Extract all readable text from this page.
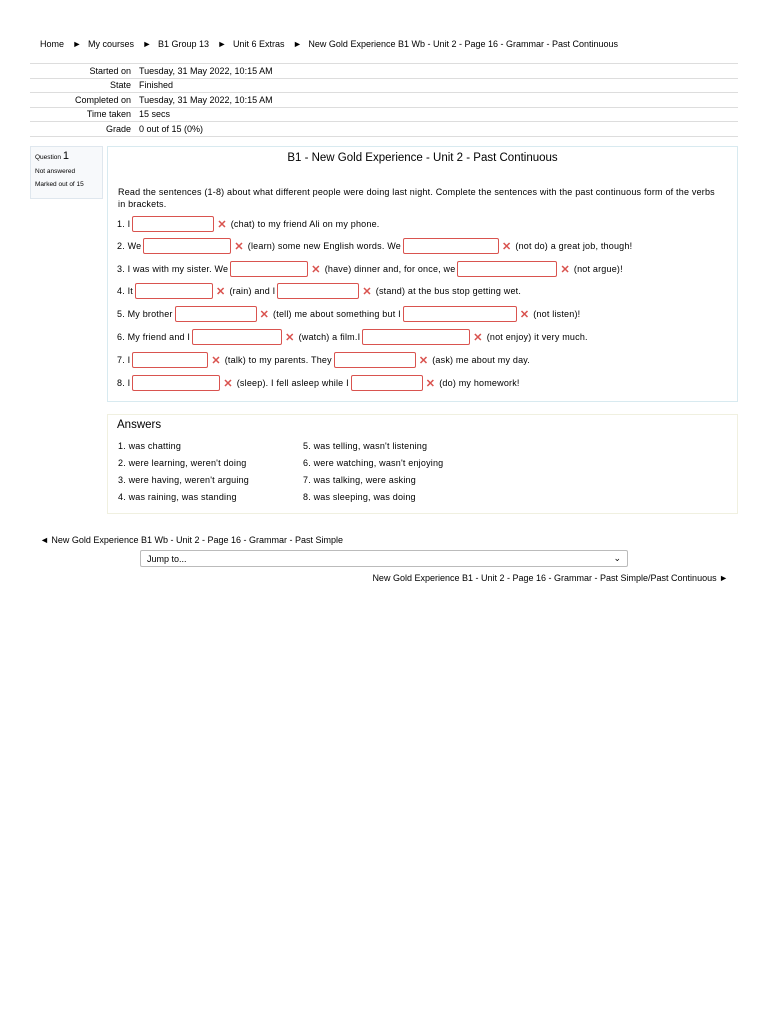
Home ► My courses ► B1 Group 13 ► Unit 6 Extras ► New Gold Experience B1 Wb - Unit 2 - Page 16 - Grammar - Past Continuous
Started on Tuesday, 31 May 2022, 10:15 AM
State Finished
Completed on Tuesday, 31 May 2022, 10:15 AM
Time taken 15 secs
Grade 0 out of 15 (0%)
Question 1
Not answered
Marked out of 15
B1 - New Gold Experience - Unit 2 - Past Continuous
Read the sentences (1-8) about what different people were doing last night. Complete the sentences with the past continuous form of the verbs in brackets.
1. I	✕ (chat) to my friend Ali on my phone.
2. We	✕ (learn) some new English words. We	✕ (not do) a great job, though!
3. I was with my sister. We	✕ (have) dinner and, for once, we	✕ (not argue)!
4. It	✕ (rain) and I	✕ (stand) at the bus stop getting wet.
5. My brother	✕ (tell) me about something but I	✕ (not listen)!
6. My friend and I	✕ (watch) a film.I	✕ (not enjoy) it very much.
7. I	✕ (talk) to my parents. They	✕ (ask) me about my day.
8. I	✕ (sleep). I fell asleep while I	✕ (do) my homework!
Answers
1. was chatting
2. were learning, weren't doing
3. were having, weren't arguing
4. was raining, was standing
5. was telling, wasn't listening
6. were watching, wasn't enjoying
7. was talking, were asking
8. was sleeping, was doing
◄ New Gold Experience B1 Wb - Unit 2 - Page 16 - Grammar - Past Simple
Jump to...	⌄
New Gold Experience B1 - Unit 2 - Page 16 - Grammar - Past Simple/Past Continuous ►
